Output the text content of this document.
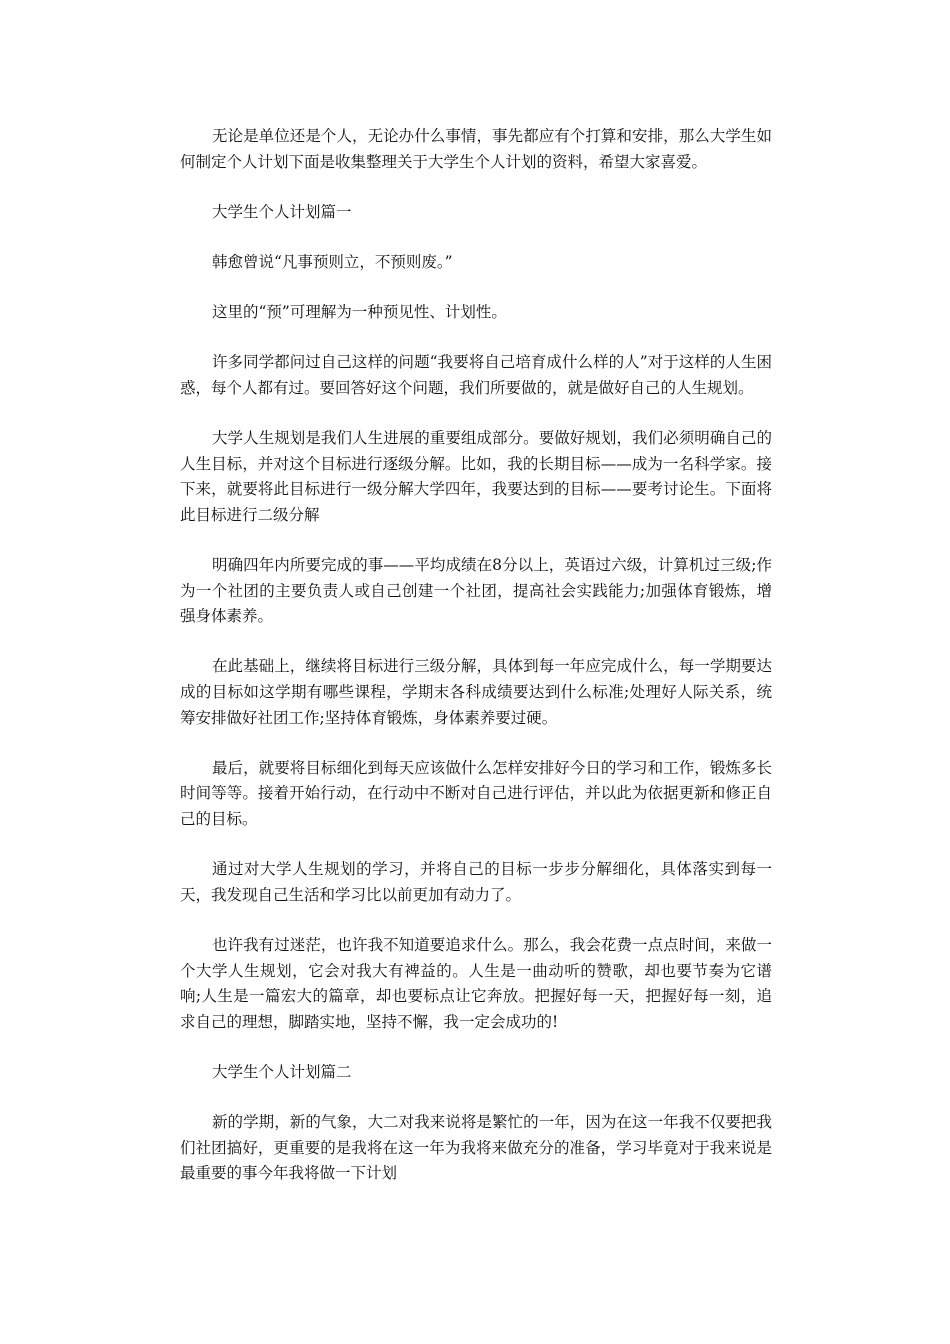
无论是单位还是个人，无论办什么事情，事先都应有个打算和安排，那么大学生如何制定个人计划下面是收集整理关于大学生个人计划的资料，希望大家喜爱。

大学生个人计划篇一

韩愈曾说“凡事预则立，不预则废。”

这里的“预”可理解为一种预见性、计划性。

许多同学都问过自己这样的问题“我要将自己培育成什么样的人”对于这样的人生困惑，每个人都有过。要回答好这个问题，我们所要做的，就是做好自己的人生规划。

大学人生规划是我们人生进展的重要组成部分。要做好规划，我们必须明确自己的人生目标，并对这个目标进行逐级分解。比如，我的长期目标——成为一名科学家。接下来，就要将此目标进行一级分解大学四年，我要达到的目标——要考讨论生。下面将此目标进行二级分解

明确四年内所要完成的事——平均成绩在8分以上，英语过六级，计算机过三级;作为一个社团的主要负责人或自己创建一个社团，提高社会实践能力;加强体育锻炼，增强身体素养。

在此基础上，继续将目标进行三级分解，具体到每一年应完成什么，每一学期要达成的目标如这学期有哪些课程，学期末各科成绩要达到什么标准;处理好人际关系，统筹安排做好社团工作;坚持体育锻炼，身体素养要过硬。

最后，就要将目标细化到每天应该做什么怎样安排好今日的学习和工作，锻炼多长时间等等。接着开始行动，在行动中不断对自己进行评估，并以此为依据更新和修正自己的目标。

通过对大学人生规划的学习，并将自己的目标一步步分解细化，具体落实到每一天，我发现自己生活和学习比以前更加有动力了。

也许我有过迷茫，也许我不知道要追求什么。那么，我会花费一点点时间，来做一个大学人生规划，它会对我大有裨益的。人生是一曲动听的赞歌，却也要节奏为它谱响;人生是一篇宏大的篇章，却也要标点让它奔放。把握好每一天，把握好每一刻，追求自己的理想，脚踏实地，坚持不懈，我一定会成功的!

大学生个人计划篇二

新的学期，新的气象，大二对我来说将是繁忙的一年，因为在这一年我不仅要把我们社团搞好，更重要的是我将在这一年为我将来做充分的准备，学习毕竟对于我来说是最重要的事今年我将做一下计划
